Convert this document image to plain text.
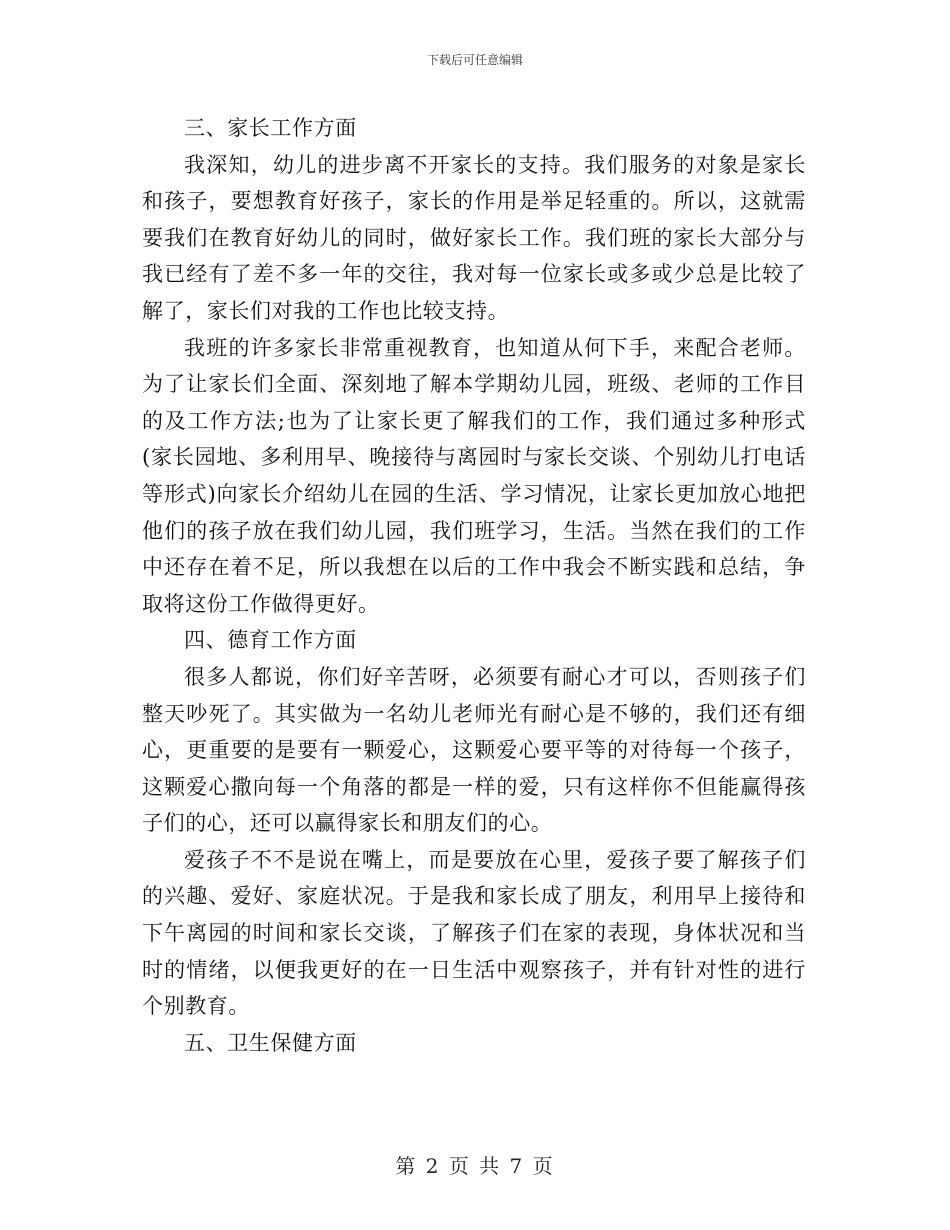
下载后可任意编辑

三、家长工作方面

我深知，幼儿的进步离不开家长的支持。我们服务的对象是家长和孩子，要想教育好孩子，家长的作用是举足轻重的。所以，这就需要我们在教育好幼儿的同时，做好家长工作。我们班的家长大部分与我已经有了差不多一年的交往，我对每一位家长或多或少总是比较了解了，家长们对我的工作也比较支持。

我班的许多家长非常重视教育，也知道从何下手，来配合老师。为了让家长们全面、深刻地了解本学期幼儿园，班级、老师的工作目的及工作方法;也为了让家长更了解我们的工作，我们通过多种形式(家长园地、多利用早、晚接待与离园时与家长交谈、个别幼儿打电话等形式)向家长介绍幼儿在园的生活、学习情况，让家长更加放心地把他们的孩子放在我们幼儿园，我们班学习，生活。当然在我们的工作中还存在着不足，所以我想在以后的工作中我会不断实践和总结，争取将这份工作做得更好。

四、德育工作方面

很多人都说，你们好辛苦呀，必须要有耐心才可以，否则孩子们整天吵死了。其实做为一名幼儿老师光有耐心是不够的，我们还有细心，更重要的是要有一颗爱心，这颗爱心要平等的对待每一个孩子，这颗爱心撒向每一个角落的都是一样的爱，只有这样你不但能赢得孩子们的心，还可以赢得家长和朋友们的心。

爱孩子不不是说在嘴上，而是要放在心里，爱孩子要了解孩子们的兴趣、爱好、家庭状况。于是我和家长成了朋友，利用早上接待和下午离园的时间和家长交谈，了解孩子们在家的表现，身体状况和当时的情绪，以便我更好的在一日生活中观察孩子，并有针对性的进行个别教育。

五、卫生保健方面

第 2 页 共 7 页
